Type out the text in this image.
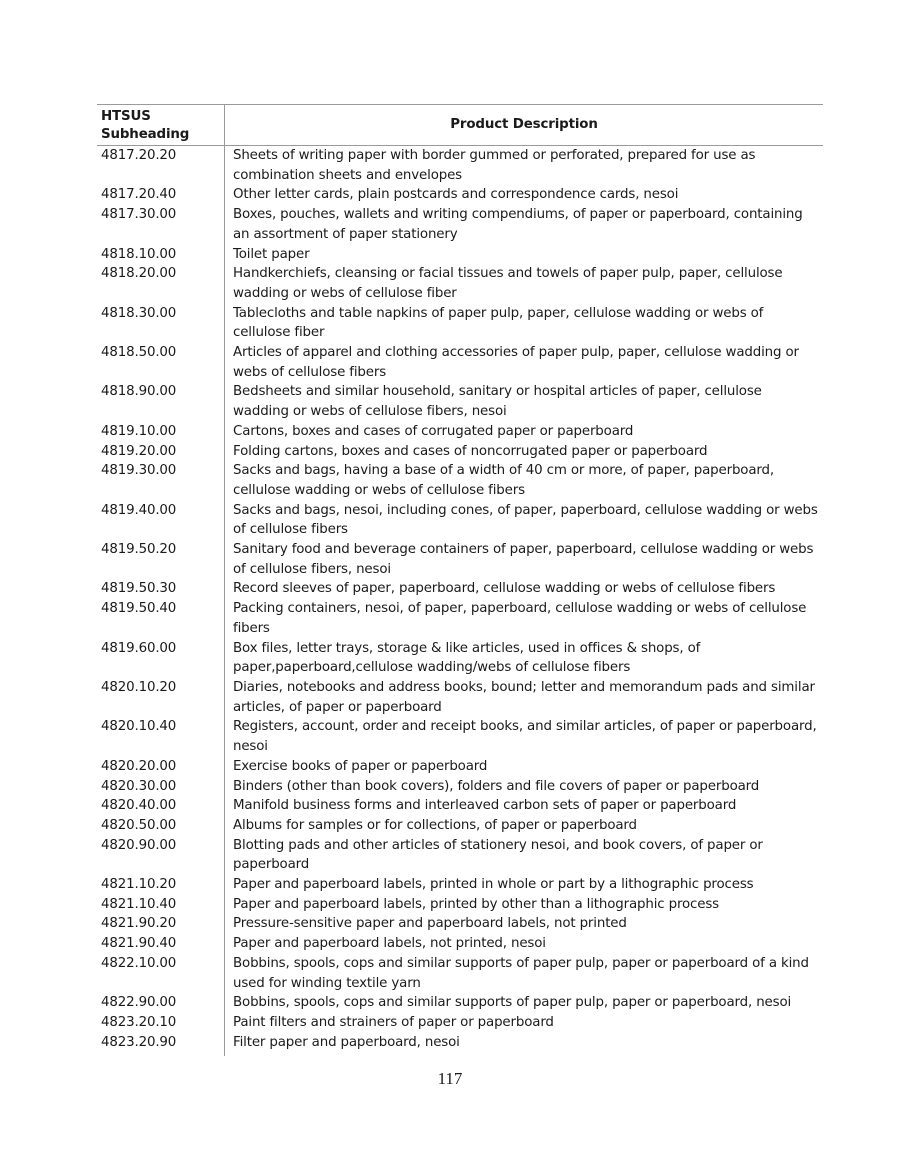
HTSUS Subheading
Product Description
4817.20.20	Sheets of writing paper with border gummed or perforated, prepared for use as combination sheets and envelopes
4817.20.40	Other letter cards, plain postcards and correspondence cards, nesoi
4817.30.00	Boxes, pouches, wallets and writing compendiums, of paper or paperboard, containing an assortment of paper stationery
4818.10.00	Toilet paper
4818.20.00	Handkerchiefs, cleansing or facial tissues and towels of paper pulp, paper, cellulose wadding or webs of cellulose fiber
4818.30.00	Tablecloths and table napkins of paper pulp, paper, cellulose wadding or webs of cellulose fiber
4818.50.00	Articles of apparel and clothing accessories of paper pulp, paper, cellulose wadding or webs of cellulose fibers
4818.90.00	Bedsheets and similar household, sanitary or hospital articles of paper, cellulose wadding or webs of cellulose fibers, nesoi
4819.10.00	Cartons, boxes and cases of corrugated paper or paperboard
4819.20.00	Folding cartons, boxes and cases of noncorrugated paper or paperboard
4819.30.00	Sacks and bags, having a base of a width of 40 cm or more, of paper, paperboard, cellulose wadding or webs of cellulose fibers
4819.40.00	Sacks and bags, nesoi, including cones, of paper, paperboard, cellulose wadding or webs of cellulose fibers
4819.50.20	Sanitary food and beverage containers of paper, paperboard, cellulose wadding or webs of cellulose fibers, nesoi
4819.50.30	Record sleeves of paper, paperboard, cellulose wadding or webs of cellulose fibers
4819.50.40	Packing containers, nesoi, of paper, paperboard, cellulose wadding or webs of cellulose fibers
4819.60.00	Box files, letter trays, storage & like articles, used in offices & shops, of paper,paperboard,cellulose wadding/webs of cellulose fibers
4820.10.20	Diaries, notebooks and address books, bound; letter and memorandum pads and similar articles, of paper or paperboard
4820.10.40	Registers, account, order and receipt books, and similar articles, of paper or paperboard, nesoi
4820.20.00	Exercise books of paper or paperboard
4820.30.00	Binders (other than book covers), folders and file covers of paper or paperboard
4820.40.00	Manifold business forms and interleaved carbon sets of paper or paperboard
4820.50.00	Albums for samples or for collections, of paper or paperboard
4820.90.00	Blotting pads and other articles of stationery nesoi, and book covers, of paper or paperboard
4821.10.20	Paper and paperboard labels, printed in whole or part by a lithographic process
4821.10.40	Paper and paperboard labels, printed by other than a lithographic process
4821.90.20	Pressure-sensitive paper and paperboard labels, not printed
4821.90.40	Paper and paperboard labels, not printed, nesoi
4822.10.00	Bobbins, spools, cops and similar supports of paper pulp, paper or paperboard of a kind used for winding textile yarn
4822.90.00	Bobbins, spools, cops and similar supports of paper pulp, paper or paperboard, nesoi
4823.20.10	Paint filters and strainers of paper or paperboard
4823.20.90	Filter paper and paperboard, nesoi
117
